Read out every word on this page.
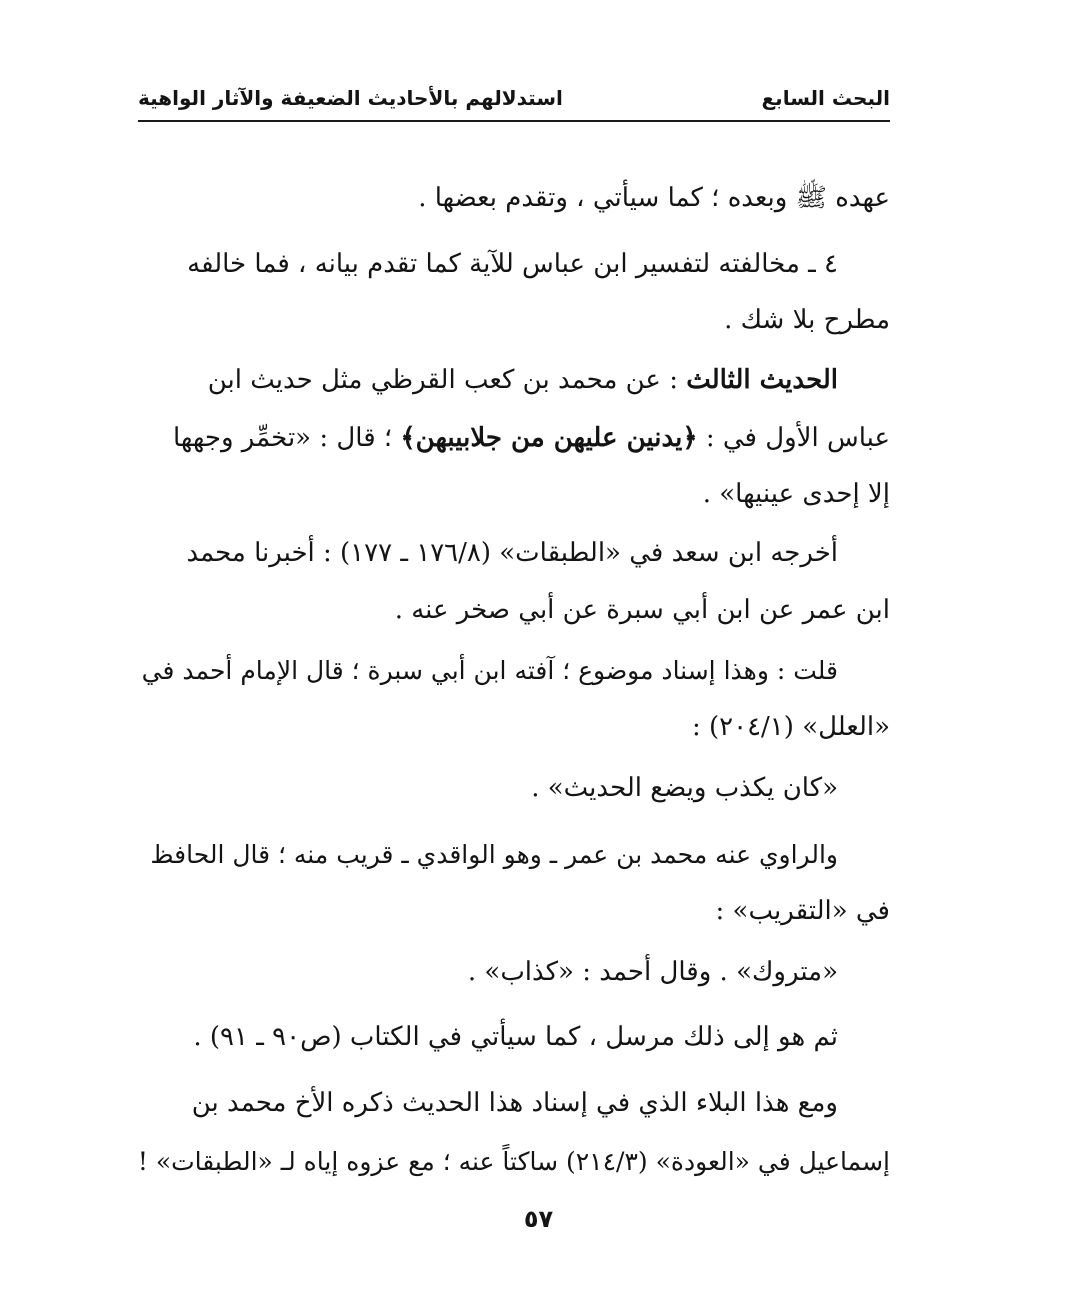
البحث السابع
استدلالهم بالأحاديث الضعيفة والآثار الواهية
عهده ﷺ وبعده ؛ كما سيأتي ، وتقدم بعضها .
٤ ـ مخالفته لتفسير ابن عباس للآية كما تقدم بيانه ، فما خالفه
مطرح بلا شك .
الحديث الثالث : عن محمد بن كعب القرظي مثل حديث ابن
عباس الأول في : ﴿يدنين عليهن من جلابيبهن﴾ ؛ قال : «تخمِّر وجهها
إلا إحدى عينيها» .
أخرجه ابن سعد في «الطبقات» (١٧٦/٨ ـ ١٧٧) : أخبرنا محمد
ابن عمر عن ابن أبي سبرة عن أبي صخر عنه .
قلت : وهذا إسناد موضوع ؛ آفته ابن أبي سبرة ؛ قال الإمام أحمد في
«العلل» (٢٠٤/١) :
«كان يكذب ويضع الحديث» .
والراوي عنه محمد بن عمر ـ وهو الواقدي ـ قريب منه ؛ قال الحافظ
في «التقريب» :
«متروك» . وقال أحمد : «كذاب» .
ثم هو إلى ذلك مرسل ، كما سيأتي في الكتاب (ص٩٠ ـ ٩١) .
ومع هذا البلاء الذي في إسناد هذا الحديث ذكره الأخ محمد بن
إسماعيل في «العودة» (٢١٤/٣) ساكتاً عنه ؛ مع عزوه إياه لـ «الطبقات» !
٥٧
